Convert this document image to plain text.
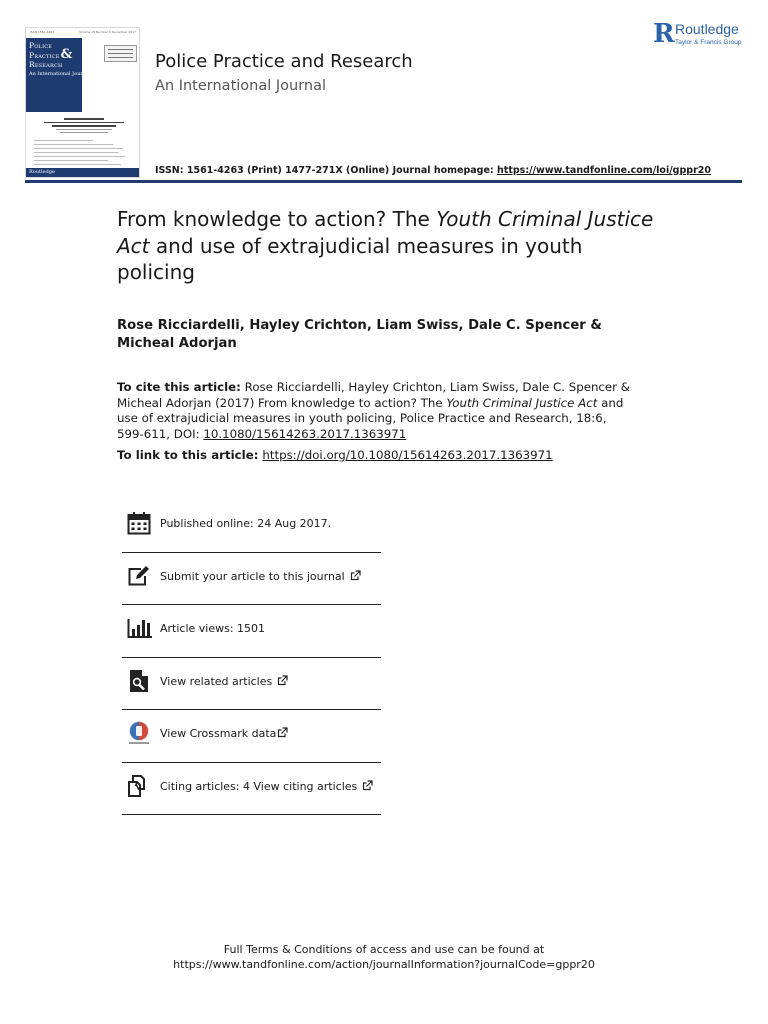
ISSN 1561-4263	Volume 18 Number 6 December 2017
Police
Practice&
Research
An International Journal
Routledge
Police Practice and Research
An International Journal
R Routledge
Taylor & Francis Group
ISSN: 1561-4263 (Print) 1477-271X (Online) Journal homepage: https://www.tandfonline.com/loi/gppr20
From knowledge to action? The Youth Criminal Justice Act and use of extrajudicial measures in youth policing
Rose Ricciardelli, Hayley Crichton, Liam Swiss, Dale C. Spencer & Micheal Adorjan
To cite this article: Rose Ricciardelli, Hayley Crichton, Liam Swiss, Dale C. Spencer & Micheal Adorjan (2017) From knowledge to action? The Youth Criminal Justice Act and use of extrajudicial measures in youth policing, Police Practice and Research, 18:6, 599-611, DOI: 10.1080/15614263.2017.1363971
To link to this article: https://doi.org/10.1080/15614263.2017.1363971
Published online: 24 Aug 2017.
Submit your article to this journal
Article views: 1501
View related articles
View Crossmark data
Citing articles: 4 View citing articles
Full Terms & Conditions of access and use can be found at
https://www.tandfonline.com/action/journalInformation?journalCode=gppr20
